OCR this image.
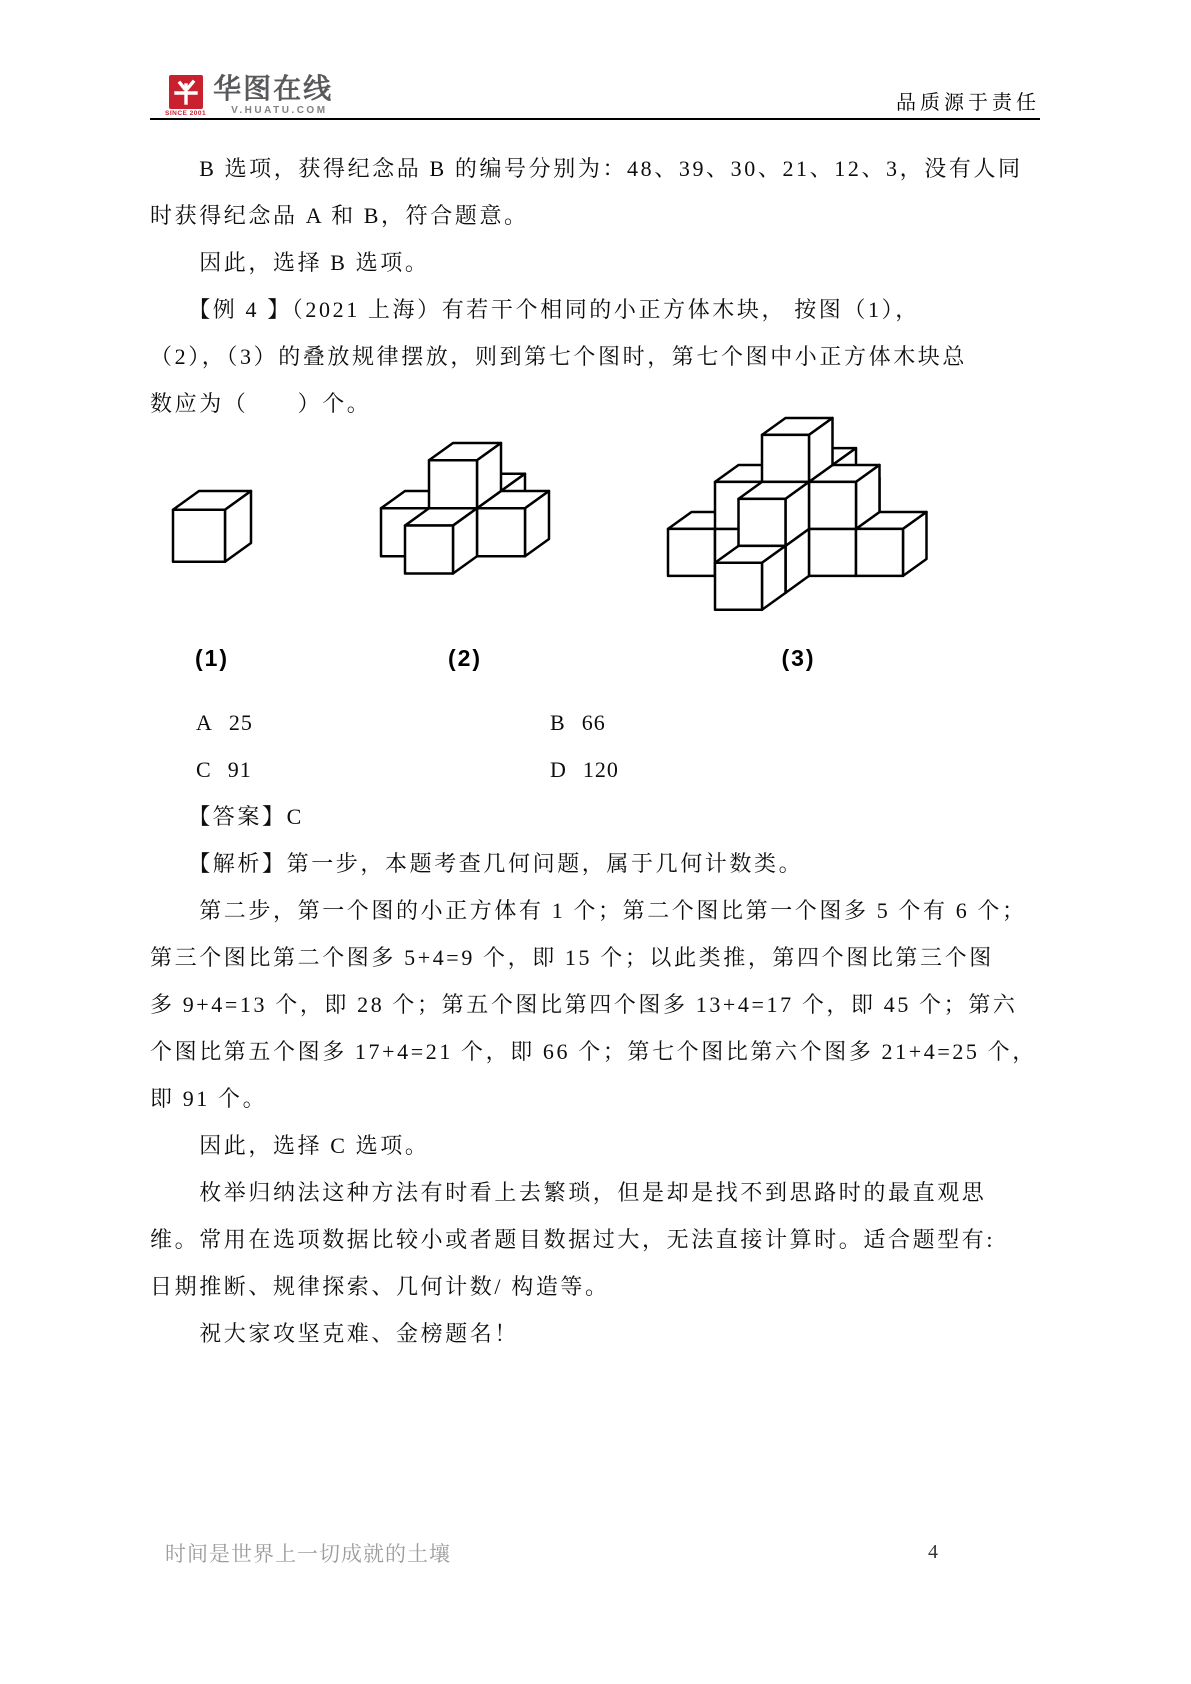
SINCE 2001
华图在线
V.HUATU.COM	品质源于责任
　　B 选项，获得纪念品 B 的编号分别为：48、39、30、21、12、3，没有人同
时获得纪念品 A 和 B，符合题意。
　　因此，选择 B 选项。
　　【例 4 】（2021 上海）有若干个相同的小正方体木块， 按图（1），
（2），（3）的叠放规律摆放，则到第七个图时，第七个图中小正方体木块总
数应为（　　）个。
(1)	(2)	(3)
A 25	B 66
C 91	D 120
　　【答案】C
　　【解析】第一步，本题考查几何问题，属于几何计数类。
　　第二步，第一个图的小正方体有 1 个；第二个图比第一个图多 5 个有 6 个；
第三个图比第二个图多 5+4=9 个，即 15 个；以此类推，第四个图比第三个图
多 9+4=13 个，即 28 个；第五个图比第四个图多 13+4=17 个，即 45 个；第六
个图比第五个图多 17+4=21 个，即 66 个；第七个图比第六个图多 21+4=25 个，
即 91 个。
　　因此，选择 C 选项。
　　枚举归纳法这种方法有时看上去繁琐，但是却是找不到思路时的最直观思
维。常用在选项数据比较小或者题目数据过大，无法直接计算时。适合题型有:
日期推断、规律探索、几何计数/ 构造等。
　　祝大家攻坚克难、金榜题名！
时间是世界上一切成就的土壤	4
